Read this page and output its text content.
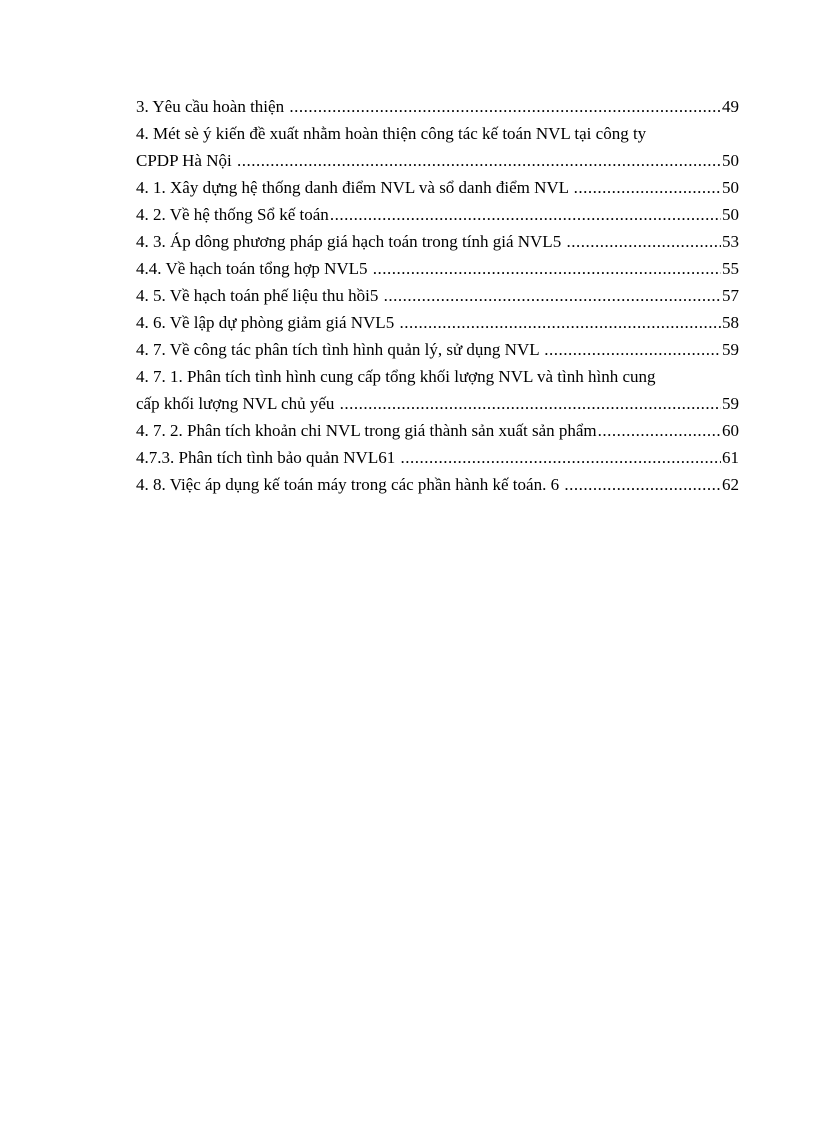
3. Yêu cầu hoàn thiện .....	49
4. Mét sè ý kiến đề xuất nhằm hoàn thiện công tác kế toán NVL tại công ty
CPDP Hà Nội .....	50
4. 1. Xây dựng hệ thống danh điểm NVL và sổ danh điểm NVL .....	50
4. 2. Về hệ thống Sổ kế toán .....	50
4. 3. Áp dông phương pháp giá hạch toán trong tính giá NVL5 .....	53
4.4. Về hạch toán tổng hợp NVL5 .....	55
4. 5. Về hạch toán phế liệu thu hồi5 .....	57
4. 6. Về lập dự phòng giảm giá NVL5 .....	58
4. 7. Về công tác phân tích tình hình quản lý, sử dụng NVL .....	59
4. 7. 1. Phân tích tình hình cung cấp tổng khối lượng NVL và tình hình cung
cấp khối lượng NVL chủ yếu .....	59
4. 7. 2. Phân tích khoản chi NVL trong giá thành sản xuất sản phẩm .....	60
4.7.3. Phân tích tình bảo quản NVL61 .....	61
4. 8. Việc áp dụng kế toán máy trong các phần hành kế toán. 6 .....	62
